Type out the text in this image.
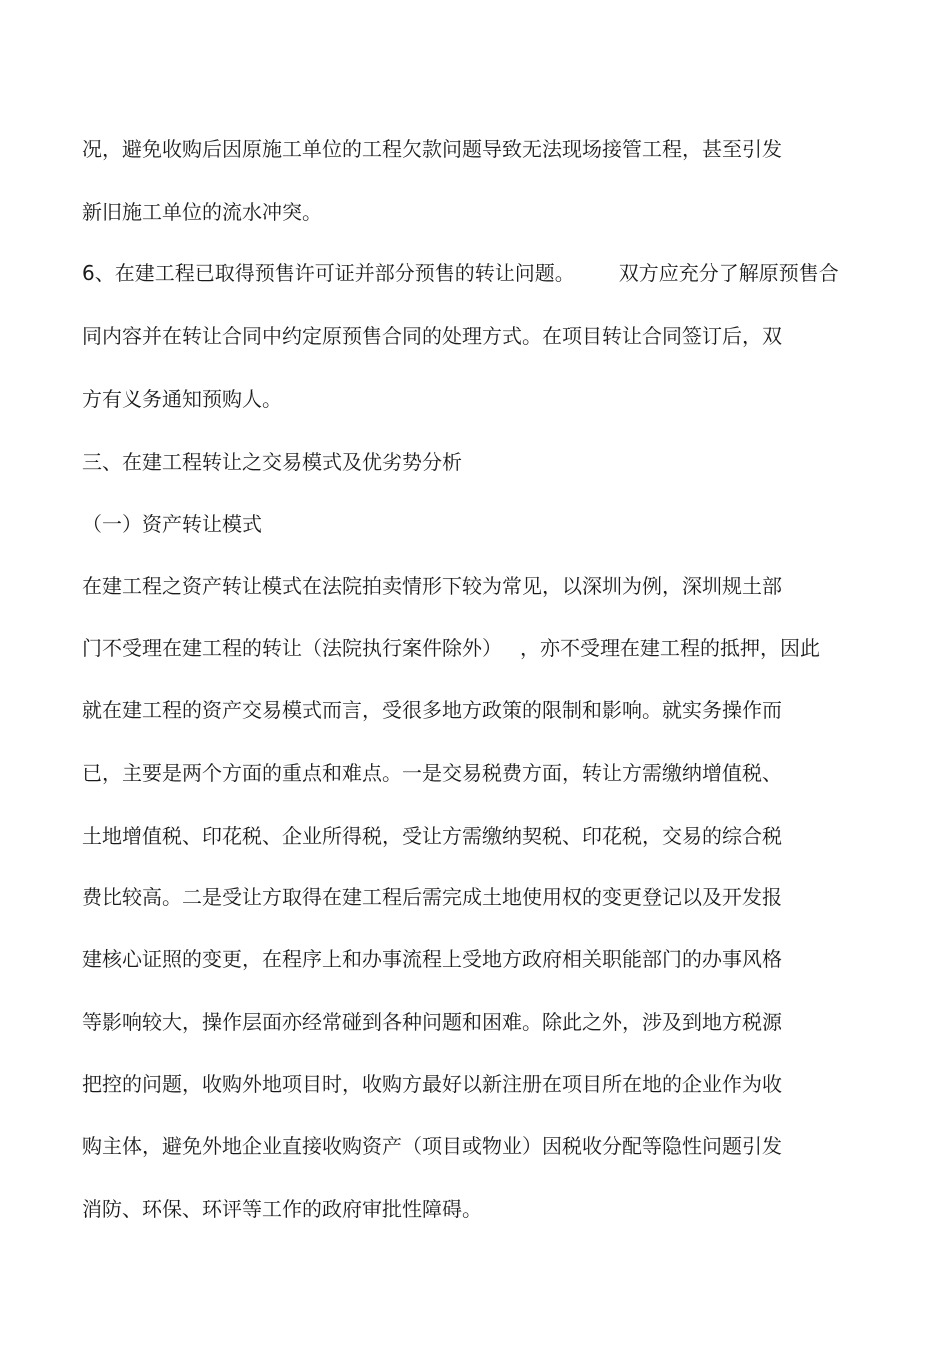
况，避免收购后因原施工单位的工程欠款问题导致无法现场接管工程，甚至引发
新旧施工单位的流水冲突。
6、在建工程已取得预售许可证并部分预售的转让问题。 双方应充分了解原预售合
同内容并在转让合同中约定原预售合同的处理方式。在项目转让合同签订后，双
方有义务通知预购人。
三、在建工程转让之交易模式及优劣势分析
（一）资产转让模式
在建工程之资产转让模式在法院拍卖情形下较为常见，以深圳为例，深圳规土部
门不受理在建工程的转让（法院执行案件除外） ，亦不受理在建工程的抵押，因此
就在建工程的资产交易模式而言，受很多地方政策的限制和影响。就实务操作而
已，主要是两个方面的重点和难点。一是交易税费方面，转让方需缴纳增值税、
土地增值税、印花税、企业所得税，受让方需缴纳契税、印花税，交易的综合税
费比较高。二是受让方取得在建工程后需完成土地使用权的变更登记以及开发报
建核心证照的变更，在程序上和办事流程上受地方政府相关职能部门的办事风格
等影响较大，操作层面亦经常碰到各种问题和困难。除此之外，涉及到地方税源
把控的问题，收购外地项目时，收购方最好以新注册在项目所在地的企业作为收
购主体，避免外地企业直接收购资产（项目或物业）因税收分配等隐性问题引发
消防、环保、环评等工作的政府审批性障碍。
